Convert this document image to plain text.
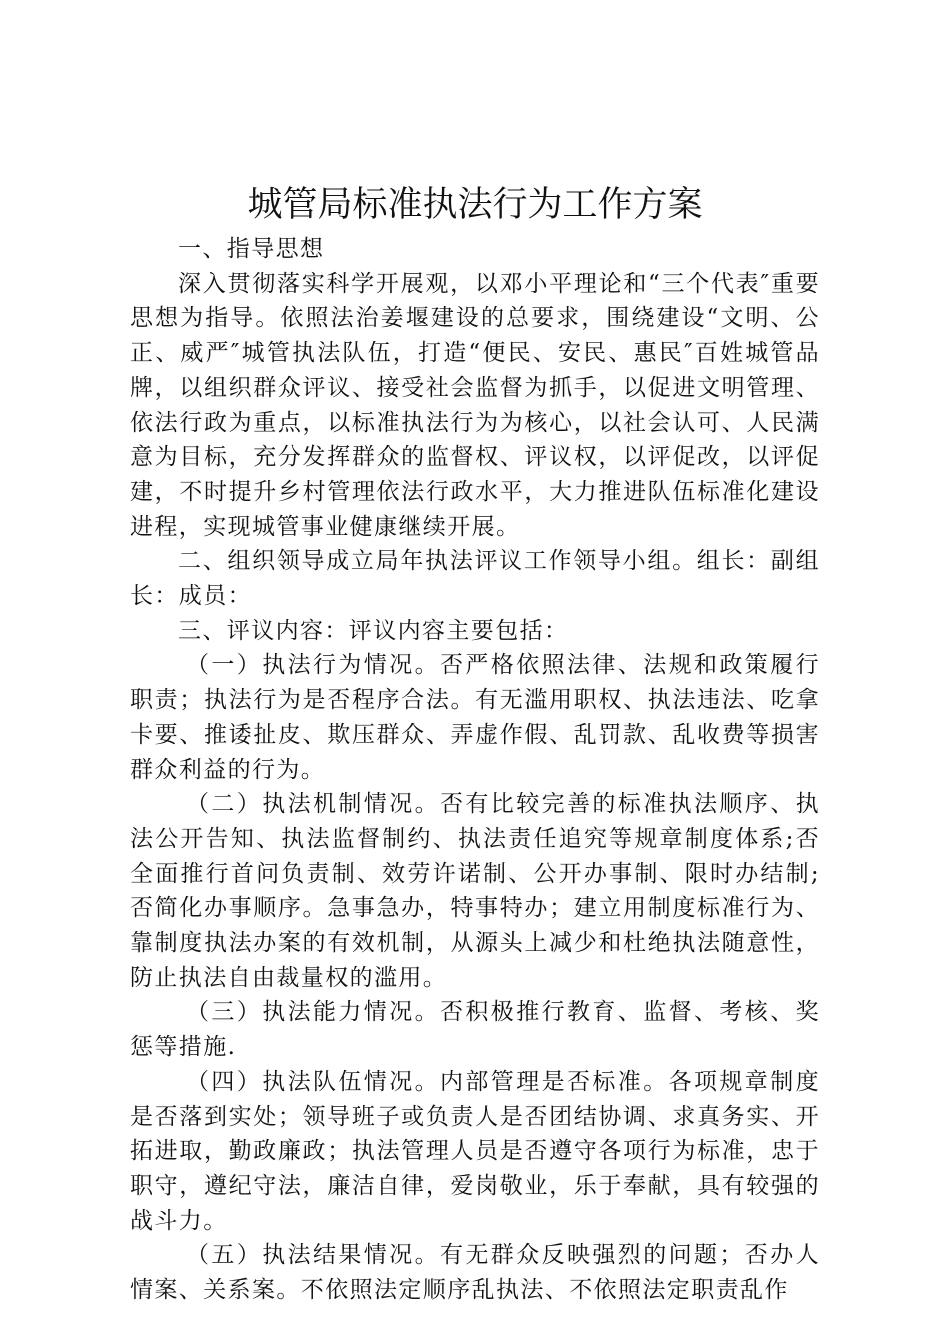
城管局标准执法行为工作方案

一、指导思想

深入贯彻落实科学开展观，以邓小平理论和“三个代表″重要思想为指导。依照法治姜堰建设的总要求，围绕建设“文明、公正、威严″城管执法队伍，打造“便民、安民、惠民″百姓城管品牌，以组织群众评议、接受社会监督为抓手，以促进文明管理、依法行政为重点，以标准执法行为为核心，以社会认可、人民满意为目标，充分发挥群众的监督权、评议权，以评促改，以评促建，不时提升乡村管理依法行政水平，大力推进队伍标准化建设进程，实现城管事业健康继续开展。

二、组织领导成立局年执法评议工作领导小组。组长：副组长：成员：

三、评议内容：评议内容主要包括：

（一）执法行为情况。否严格依照法律、法规和政策履行职责；执法行为是否程序合法。有无滥用职权、执法违法、吃拿卡要、推诿扯皮、欺压群众、弄虚作假、乱罚款、乱收费等损害群众利益的行为。

（二）执法机制情况。否有比较完善的标准执法顺序、执法公开告知、执法监督制约、执法责任追究等规章制度体系;否全面推行首问负责制、效劳许诺制、公开办事制、限时办结制;否简化办事顺序。急事急办，特事特办；建立用制度标准行为、靠制度执法办案的有效机制，从源头上减少和杜绝执法随意性，防止执法自由裁量权的滥用。

（三）执法能力情况。否积极推行教育、监督、考核、奖惩等措施.

（四）执法队伍情况。内部管理是否标准。各项规章制度是否落到实处；领导班子或负责人是否团结协调、求真务实、开拓进取，勤政廉政；执法管理人员是否遵守各项行为标准，忠于职守，遵纪守法，廉洁自律，爱岗敬业，乐于奉献，具有较强的战斗力。

（五）执法结果情况。有无群众反映强烈的问题；否办人情案、关系案。不依照法定顺序乱执法、不依照法定职责乱作
